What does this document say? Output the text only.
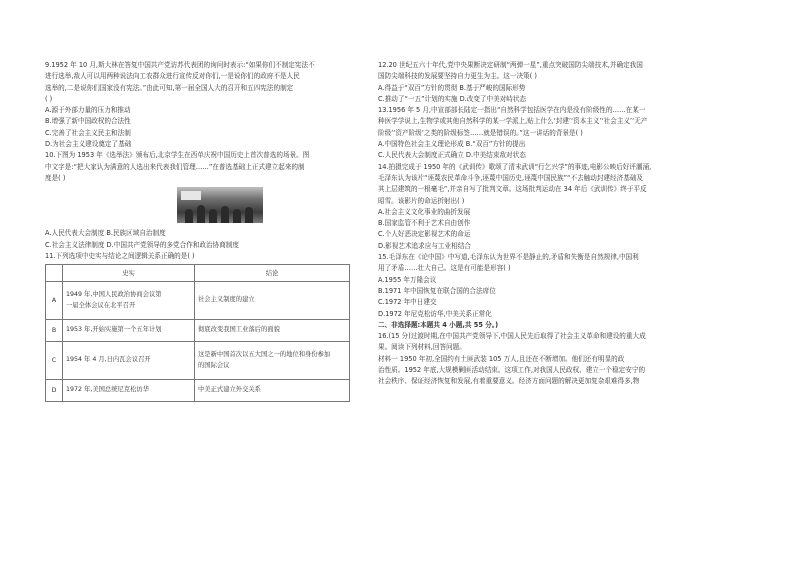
9.1952 年 10 月,斯大林在答复中国共产党访苏代表团的询问时表示:“如果你们不制定宪法不
进行选举,敌人可以用两种说法向工农群众进行宣传反对你们,一是说你们的政府不是人民
选举的,二是说你们国家没有宪法。”由此可知,第一届全国人大的召开和五四宪法的制定
( )
A.源于外部力量的压力和推动
B.增强了新中国政权的合法性
C.完善了社会主义民主和法制
D.为社会主义建设奠定了基础
10.下图为 1953 年《选举法》颁布后,北京学生在西单庆祝中国历史上首次普选的场景。图
中文字是:“把大家认为满意的人选出来代表我们管理……”在普选基础上正式建立起来的制
度是( )
A.人民代表大会制度 B.民族区域自治制度
C.社会主义法律制度 D.中国共产党领导的多党合作和政治协商制度
11.下列选项中史实与结论之间逻辑关系正确的是( )
	史实	结论
A	1949 年,中国人民政治协商会议第
一届全体会议在北平召开	社会主义制度的建立
B	1953 年,开始实施第一个五年计划	彻底改变我国工业落后的面貌
C	1954 年 4 月,日内瓦会议召开	这是新中国首次以五大国之一的地位和身份参加
的国际会议

D	1972 年,美国总统尼克松访华	中美正式建立外交关系
12.20 世纪五六十年代,党中央果断决定研制“两弹一星”,重点突破国防尖端技术,并确定我国
国防尖端科技的发展要坚持自力更生为主。这一决策( )
A.得益于“双百”方针的贯彻 B.基于严峻的国际形势
C.推动了“一五”计划的实施 D.改变了中美对峙状态
13.1956 年 5 月,中宣部部长陆定一指出“自然科学包括医学在内是没有阶级性的……在某一
种医学学说上,生物学或其他自然科学的某一学派上,贴上什么‘封建’‘资本主义’‘社会主义’‘无产
阶级’‘资产阶级’之类的阶级标签……就是错误的。”这一讲话的背景是( )
A.中国特色社会主义理论形成 B.“双百”方针的提出
C.人民代表大会制度正式确立 D.中美结束敌对状态
14.拍摄完成于 1950 年的《武训传》歌颂了清末武训“行乞兴学”的事迹,电影公映后好评潮涌,
毛泽东认为该片“诬蔑农民革命斗争,诬蔑中国历史,诬蔑中国民族”“不去触动封建经济基础及
其上层建筑的一根毫毛”,并亲自写了批判文章。这场批判运动在 34 年后《武训传》终于平反
昭雪。该影片的命运折射出( )
A.社会主义文化事业的曲折发展
B.国家监管不利于艺术自由创作
C.个人好恶决定影视艺术的命运
D.影视艺术追求应与工业相结合
15.毛泽东在《论中国》中写道,毛泽东认为世界不是静止的,矛盾和失衡是自然规律,中国利
用了矛盾……壮大自己。这是有可能是形容( )
A.1955 年万隆会议
B.1971 年中国恢复在联合国的合法席位
C.1972 年中日建交
D.1972 年尼克松访华,中美关系正常化
二、非选择题:本题共 4 小题,共 55 分。)
16.(15 分)过渡时期,在中国共产党领导下,中国人民先后取得了社会主义革命和建设的重大成
果。阅读下列材料,回答问题。
材料一 1950 年初,全国约有土匪武装 105 万人,且还在不断增加。他们还有明显的政
治性质。1952 年底,大规模剿匪活动结束。这项工作,对我国人民政权、建立一个稳定安宁的
社会秩序、保证经济恢复和发展,有着重要意义。经济方面问题的解决更加复杂艰难得多,物
